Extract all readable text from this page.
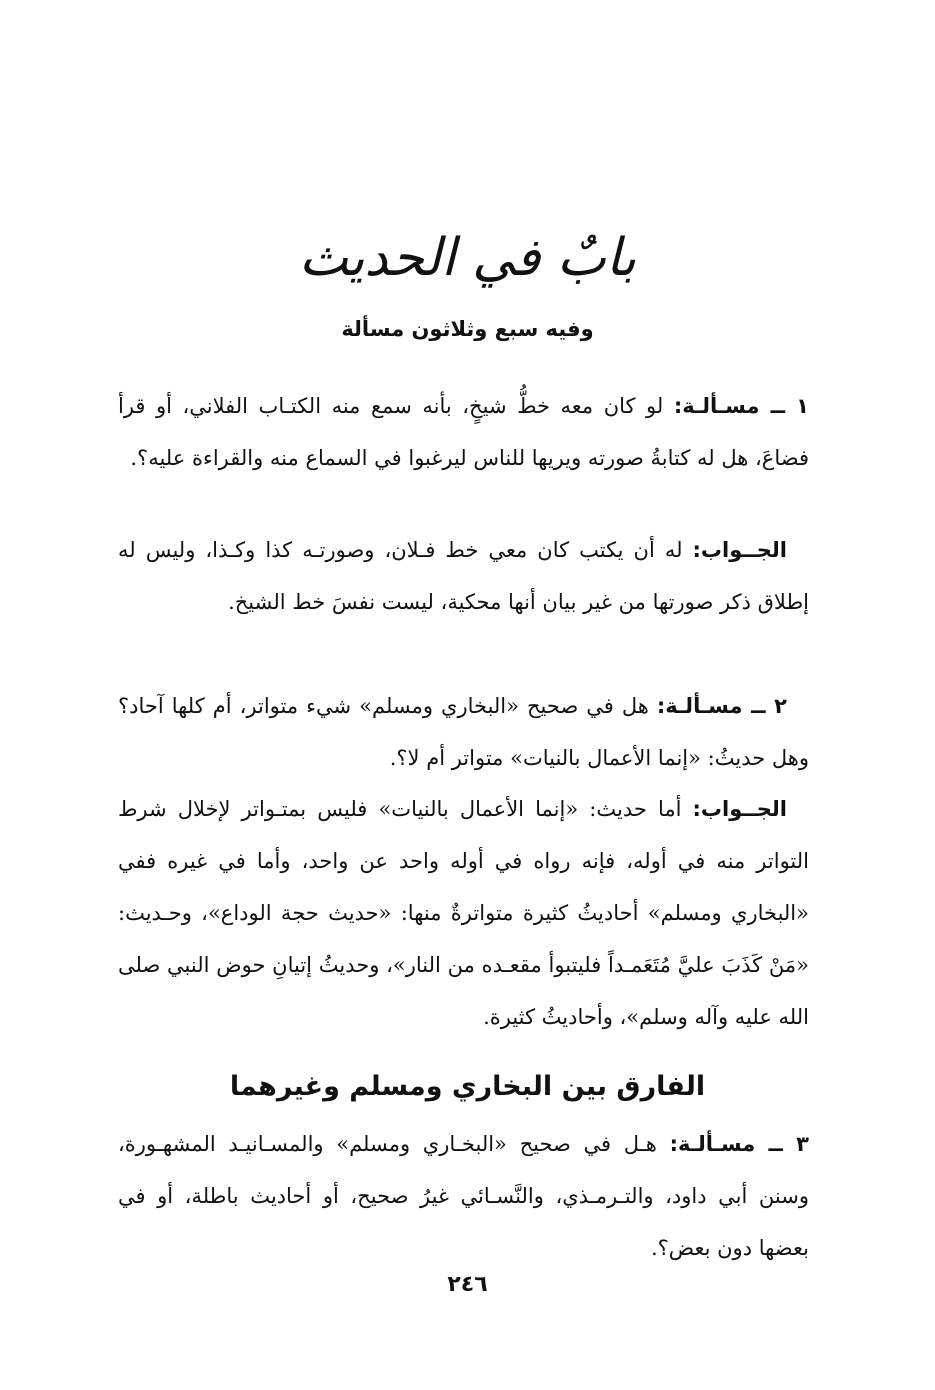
بابٌ في الحديث
وفيه سبع وثلاثون مسألة
١ ــ مسـألـة: لو كان معه خطُّ شيخٍ، بأنه سمع منه الكتـاب الفلاني، أو قرأ فضاعَ، هل له كتابةُ صورته ويريها للناس ليرغبوا في السماع منه والقراءة عليه؟.
الجــواب: له أن يكتب كان معي خط فـلان، وصورتـه كذا وكـذا، وليس له إطلاق ذكر صورتها من غير بيان أنها محكية، ليست نفسَ خط الشيخ.
٢ ــ مسـألـة: هل في صحيح «البخاري ومسلم» شيء متواتر، أم كلها آحاد؟ وهل حديثُ: «إنما الأعمال بالنيات» متواتر أم لا؟.
الجــواب: أما حديث: «إنما الأعمال بالنيات» فليس بمتـواتر لإخلال شرط التواتر منه في أوله، فإنه رواه في أوله واحد عن واحد، وأما في غيره ففي «البخاري ومسلم» أحاديثُ كثيرة متواترةٌ منها: «حديث حجة الوداع»، وحـديث: «مَنْ كَذَبَ عليَّ مُتَعَمـداً فليتبوأ مقعـده من النار»، وحديثُ إتيانِ حوض النبي صلى الله عليه وآله وسلم»، وأحاديثُ كثيرة.
الفارق بين البخاري ومسلم وغيرهما
٣ ــ مسـألـة: هـل في صحيح «البخـاري ومسلم» والمسـانيـد المشهـورة، وسنن أبي داود، والتـرمـذي، والنَّسـائي غيرُ صحيح، أو أحاديث باطلة، أو في بعضها دون بعض؟.
٢٤٦
